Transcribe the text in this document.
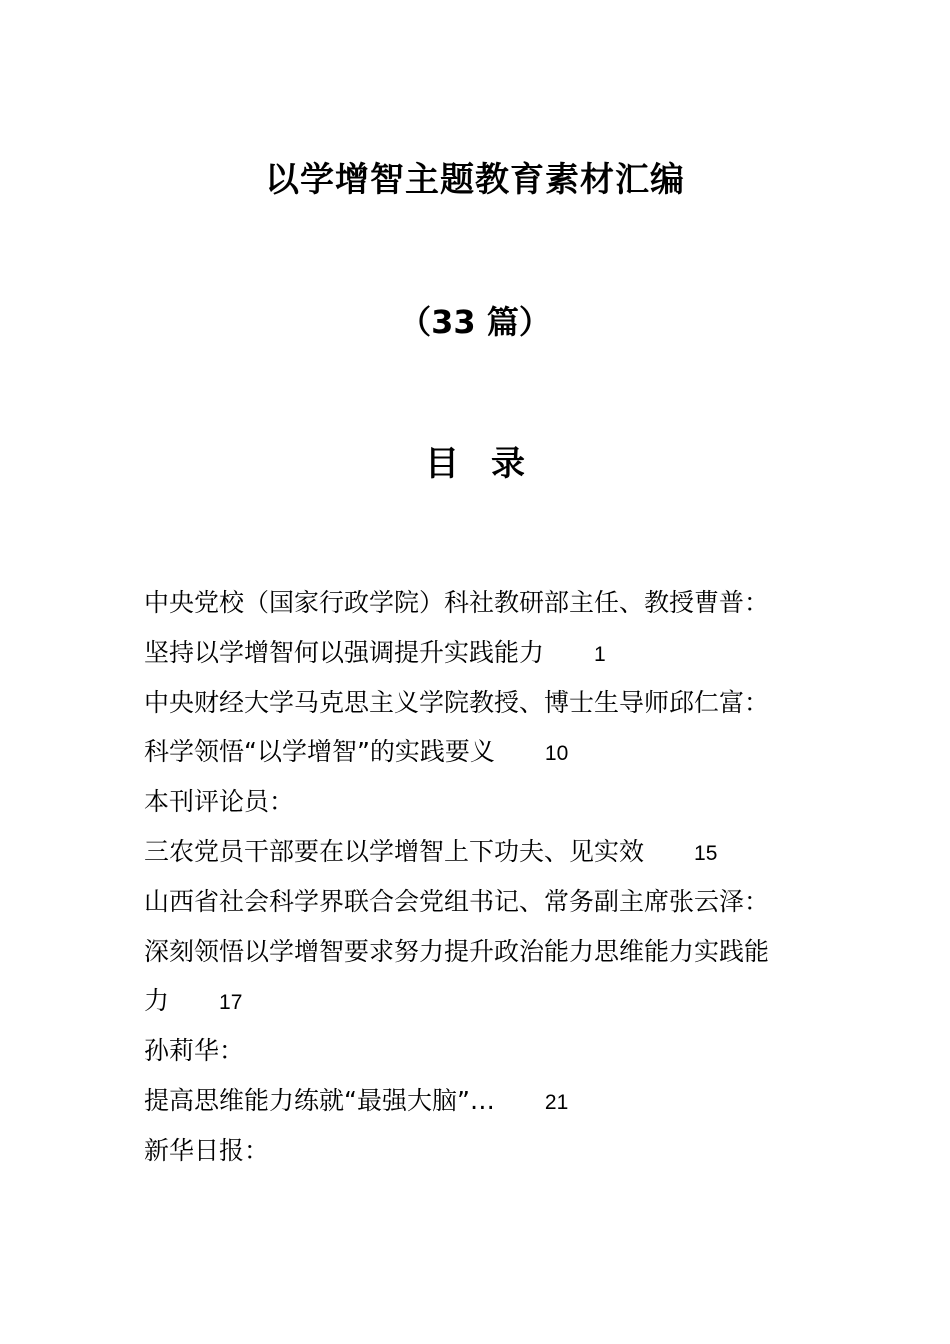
以学增智主题教育素材汇编
（33 篇）
目录
中央党校（国家行政学院）科社教研部主任、教授曹普：
坚持以学增智何以强调提升实践能力 1
中央财经大学马克思主义学院教授、博士生导师邱仁富：
科学领悟“以学增智”的实践要义 10
本刊评论员：
三农党员干部要在以学增智上下功夫、见实效 15
山西省社会科学界联合会党组书记、常务副主席张云泽：
深刻领悟以学增智要求努力提升政治能力思维能力实践能
力 17
孙莉华：
提高思维能力练就“最强大脑”… 21
新华日报：
